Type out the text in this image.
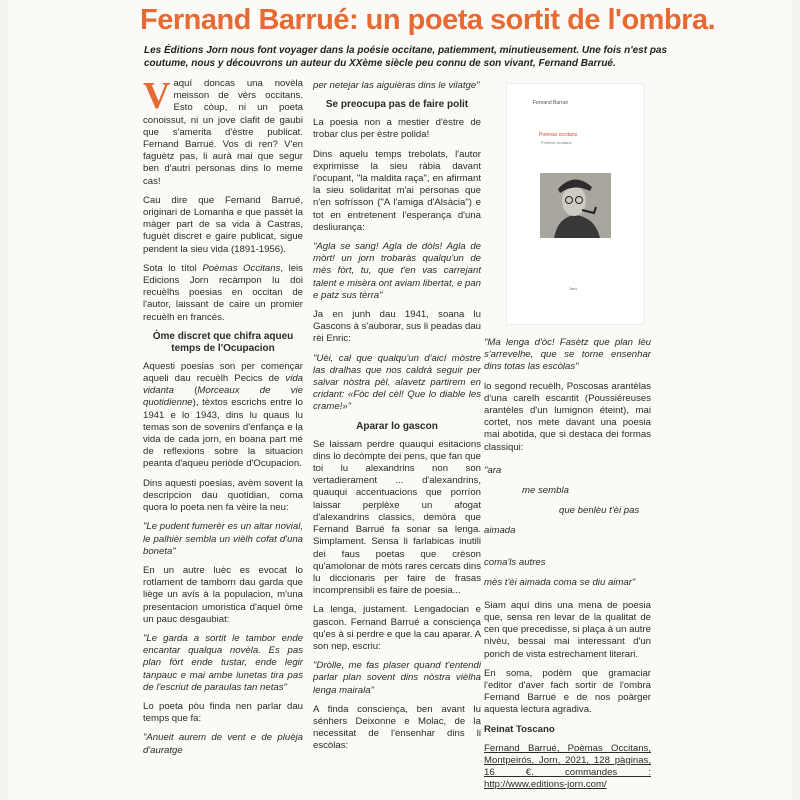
Fernand Barrué: un poeta sortit de l'ombra.
Les Éditions Jorn nous font voyager dans la poésie occitane, patiemment, minutieusement. Une fois n'est pas coutume, nous y découvrons un auteur du XXème siècle peu connu de son vivant, Fernand Barrué.

Vaquí doncas una novèla meisson de vèrs occitans. Esto còup, ni un poeta conoissut, ni un jove clafit de gaubi que s'amerita d'èstre publicat. Fernand Barrué. Vos di ren? V'en faguètz pas, li aurà mai que segur ben d'autri personas dins lo meme cas!

Cau dire que Fernand Barrué, originari de Lomanha e que passèt la màger part de sa vida à Castras, fuguèt discret e gaire publicat, sigue pendent la sieu vida (1891-1956).

Sota lo títol Poèmas Occitans, leis Edicions Jorn recàmpon lu doi recuèlhs poesias en occitan de l'autor, laissant de caire un promier recuèlh en francés.

Òme discret que chifra aqueu temps de l'Ocupacion

Aquesti poesias son per començar aqueli dau recuèlh Pecics de vida vidanta (Morceaux de vie quotidienne), tèxtos escrichs entre lo 1941 e lo 1943, dins lu quaus lu temas son de sovenirs d'enfança e la vida de cada jorn, en boana part mé de reflexions sobre la situacion peanta d'aqueu periòde d'Ocupacion.

Dins aquesti poesias, avèm sovent la descripcion dau quotidian, coma quora lo poeta nen fa vèire la neu:

"Le pudent fumerèr es un altar novial, le palhièr sembla un vièlh cofat d'una boneta"

En un autre luèc es evocat lo rotlament de tamborn dau garda que liège un avís à la populacion, m'una presentacion umoristica d'aquel òme un pauc desgaubiat:

"Le garda a sortit le tambor ende encantar qualqua novèla. Es pas plan fòrt ende tustar, ende legir tanpauc e mai ambe lunetas tira pas de l'escriut de paraulas tan netas"

Lo poeta pòu finda nen parlar dau temps que fa:

"Anueit aurem de vent e de pluèja d'auratge

per netejar las aiguièras dins le vilatge"

Se preocupa pas de faire polit

La poesia non a mestier d'èstre de trobar clus per èstre polida!

Dins aquelu temps trebolats, l'autor exprimisse la sieu ràbia davant l'ocupant, "la maldita raça", en afirmant la sieu solidaritat m'ai personas que n'en sofrísson ("A l'amiga d'Alsàcia") e tot en entretenent l'esperança d'una desliurança:

"Agla se sang! Agla de dòls! Agla de mòrt! un jorn trobaràs qualqu'un de mès fòrt, tu, que t'en vas carrejant talent e misèra ont aviam libertat, e pan e patz sus tèrra"

Ja en junh dau 1941, soana lu Gascons à s'auborar, sus li peadas dau rèi Enric:

"Uèi, cal que qualqu'un d'aicí mòstre las dralhas que nos caldrà seguir per salvar nòstra pèl. alavetz partirem en cridant: «Fòc del cèl! Que lo diable les crame!»"

Aparar lo gascon

Se laissam perdre quauqui esitacions dins lo decòmpte dei pens, que fan que toi lu alexandrins non son vertadierament ... d'alexandrins, quauqui accentuacions que porríon laissar perplèxe un afogat d'alexandrins classics, demòra que Fernand Barrué fa sonar sa lenga. Simplament. Sensa li farlabicas inutili dei faus poetas que crèson qu'amolonar de mòts rares cercats dins lu diccionaris per faire de frasas incomprensibli es faire de poesia...

La lenga, justament. Lengadocian e gascon. Fernand Barrué a consciença qu'es à si perdre e que la cau aparar. A son nep, escriu:

"Dròlle, me fas plaser quand t'entendi parlar plan sovent dins nòstra vièlha lenga mairala"

A finda consciença, ben avant lu sénhers Deixonne e Molac, de la necessitat de l'ensenhar dins li escòlas:

Fernand Barrué
Poèmas occitans
Poèmes occitans
Jorn

"Ma lenga d'òc! Fasètz que plan lèu s'arrevelhe, que se torne ensenhar dins totas las escòlas"

lo segond recuèlh, Poscosas arantèlas d'una carelh escantit (Poussiéreuses arantèles d'un lumignon éteint), mai cortet, nos mete davant una poesia mai abotida, que si destaca dei formas classiqui:

"ara
me sembla
que benlèu t'èi pas
aimada
coma'ls autres
mès t'èi aimada coma se diu aimar"

Siam aquí dins una mena de poesia que, sensa ren levar de la qualitat de cen que precedisse, si plaça à un autre nivèu, bessai mai interessant d'un ponch de vista estrechament literari.

En soma, podèm que gramaciar l'editor d'aver fach sortir de l'ombra Fernand Barrué e de nos poàrger aquesta lectura agradiva.

Reinat Toscano

Fernand Barrué, Poèmas Occitans, Montpeirós, Jorn, 2021, 128 pàginas, 16 €. commandes : http://www.editions-jorn.com/
